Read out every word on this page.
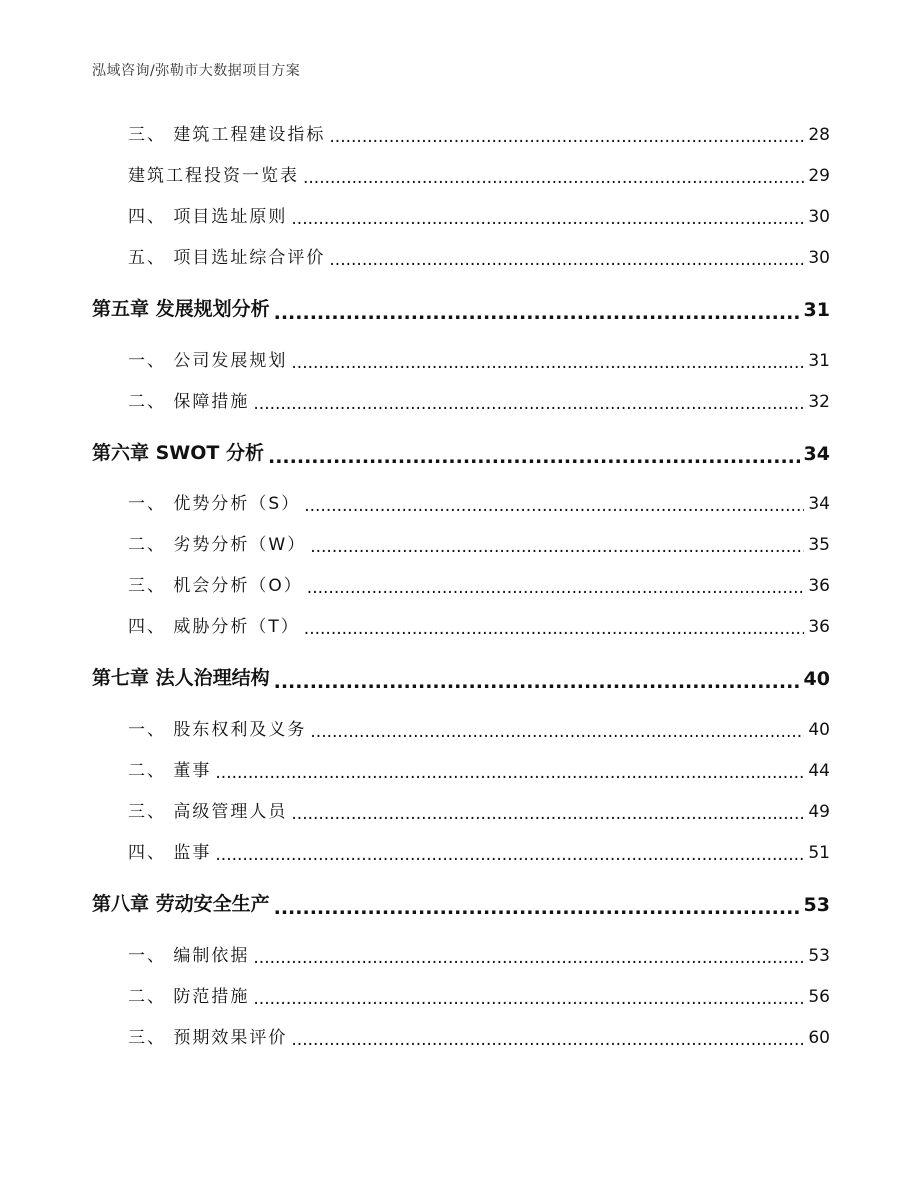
泓域咨询/弥勒市大数据项目方案
三、 建筑工程建设指标 .....	28
建筑工程投资一览表 .....	29
四、 项目选址原则 .....	30
五、 项目选址综合评价 .....	30
第五章 发展规划分析 .....	31
一、 公司发展规划 .....	31
二、 保障措施 .....	32
第六章 SWOT 分析 .....	34
一、 优势分析（S） .....	34
二、 劣势分析（W） .....	35
三、 机会分析（O） .....	36
四、 威胁分析（T） .....	36
第七章 法人治理结构 .....	40
一、 股东权利及义务 .....	40
二、 董事 .....	44
三、 高级管理人员 .....	49
四、 监事 .....	51
第八章 劳动安全生产 .....	53
一、 编制依据 .....	53
二、 防范措施 .....	56
三、 预期效果评价 .....	60
